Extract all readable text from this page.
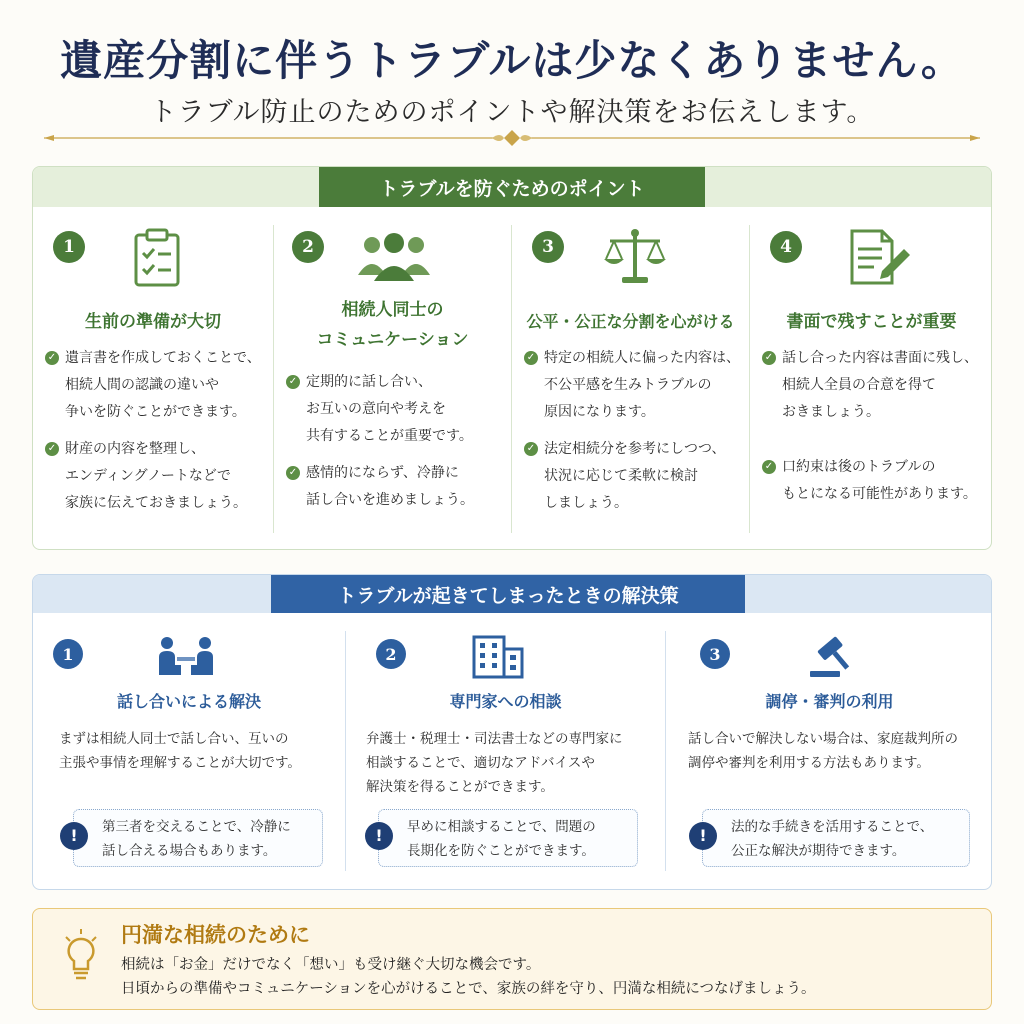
遺産分割に伴うトラブルは少なくありません。
トラブル防止のためのポイントや解決策をお伝えします。
トラブルを防ぐためのポイント
1
生前の準備が大切
✓ 遺言書を作成しておくことで、
相続人間の認識の違いや
争いを防ぐことができます。
✓ 財産の内容を整理し、
エンディングノートなどで
家族に伝えておきましょう。
2
相続人同士の
コミュニケーション
✓ 定期的に話し合い、
お互いの意向や考えを
共有することが重要です。
✓ 感情的にならず、冷静に
話し合いを進めましょう。
3
公平・公正な分割を心がける
✓ 特定の相続人に偏った内容は、
不公平感を生みトラブルの
原因になります。
✓ 法定相続分を参考にしつつ、
状況に応じて柔軟に検討
しましょう。
4
書面で残すことが重要
✓ 話し合った内容は書面に残し、
相続人全員の合意を得て
おきましょう。
✓ 口約束は後のトラブルの
もとになる可能性があります。
トラブルが起きてしまったときの解決策
1
話し合いによる解決
まずは相続人同士で話し合い、互いの
主張や事情を理解することが大切です。
!	第三者を交えることで、冷静に
話し合える場合もあります。
2
専門家への相談
弁護士・税理士・司法書士などの専門家に
相談することで、適切なアドバイスや
解決策を得ることができます。
!	早めに相談することで、問題の
長期化を防ぐことができます。
3
調停・審判の利用
話し合いで解決しない場合は、家庭裁判所の
調停や審判を利用する方法もあります。
!	法的な手続きを活用することで、
公正な解決が期待できます。
円満な相続のために
相続は「お金」だけでなく「想い」も受け継ぐ大切な機会です。
日頃からの準備やコミュニケーションを心がけることで、家族の絆を守り、円満な相続につなげましょう。
